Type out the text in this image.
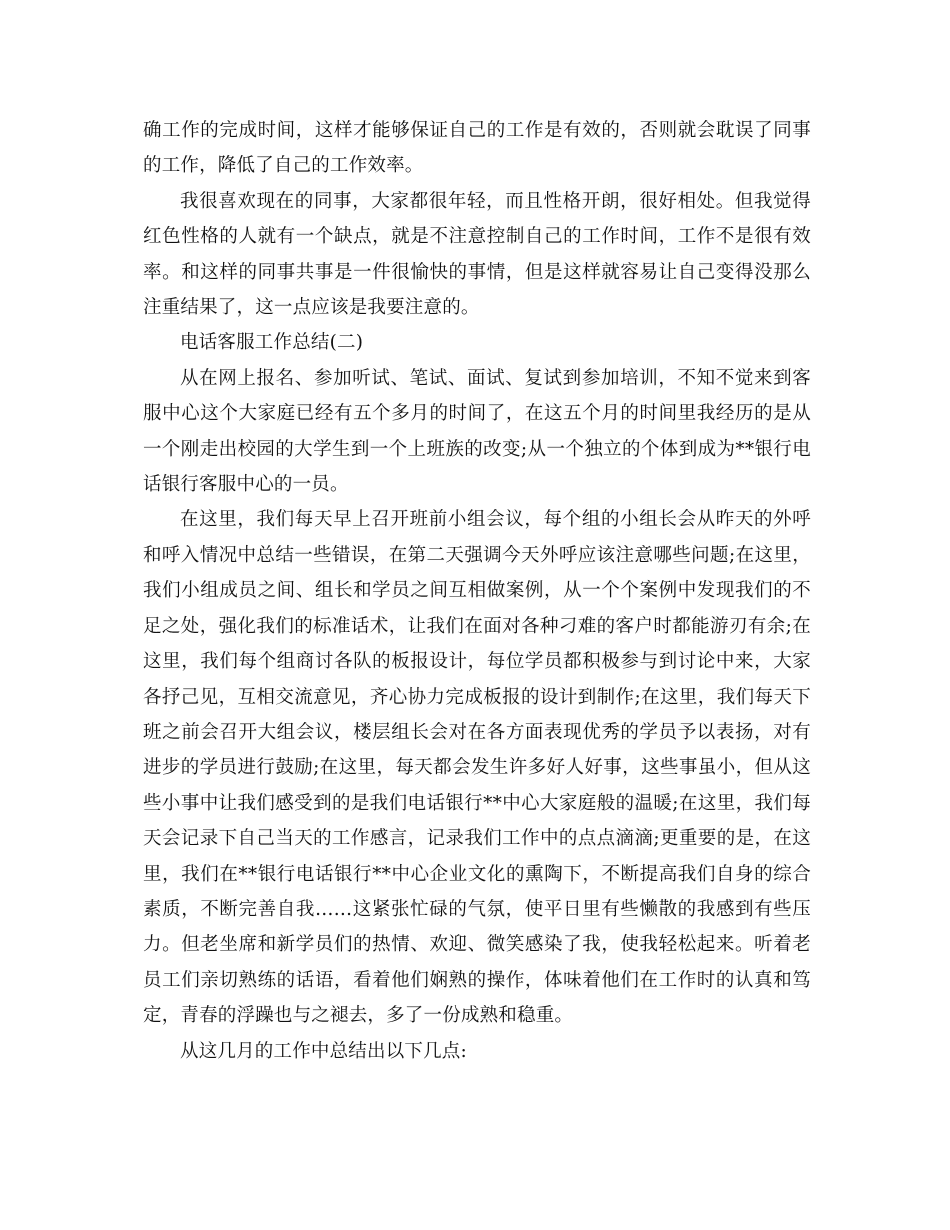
确工作的完成时间，这样才能够保证自己的工作是有效的，否则就会耽误了同事的工作，降低了自己的工作效率。

我很喜欢现在的同事，大家都很年轻，而且性格开朗，很好相处。但我觉得红色性格的人就有一个缺点，就是不注意控制自己的工作时间，工作不是很有效率。和这样的同事共事是一件很愉快的事情，但是这样就容易让自己变得没那么注重结果了，这一点应该是我要注意的。

电话客服工作总结(二)

从在网上报名、参加听试、笔试、面试、复试到参加培训，不知不觉来到客服中心这个大家庭已经有五个多月的时间了，在这五个月的时间里我经历的是从一个刚走出校园的大学生到一个上班族的改变;从一个独立的个体到成为**银行电话银行客服中心的一员。

在这里，我们每天早上召开班前小组会议，每个组的小组长会从昨天的外呼和呼入情况中总结一些错误，在第二天强调今天外呼应该注意哪些问题;在这里，我们小组成员之间、组长和学员之间互相做案例，从一个个案例中发现我们的不足之处，强化我们的标准话术，让我们在面对各种刁难的客户时都能游刃有余;在这里，我们每个组商讨各队的板报设计，每位学员都积极参与到讨论中来，大家各抒己见，互相交流意见，齐心协力完成板报的设计到制作;在这里，我们每天下班之前会召开大组会议，楼层组长会对在各方面表现优秀的学员予以表扬，对有进步的学员进行鼓励;在这里，每天都会发生许多好人好事，这些事虽小，但从这些小事中让我们感受到的是我们电话银行**中心大家庭般的温暖;在这里，我们每天会记录下自己当天的工作感言，记录我们工作中的点点滴滴;更重要的是，在这里，我们在**银行电话银行**中心企业文化的熏陶下，不断提高我们自身的综合素质，不断完善自我……这紧张忙碌的气氛，使平日里有些懒散的我感到有些压力。但老坐席和新学员们的热情、欢迎、微笑感染了我，使我轻松起来。听着老员工们亲切熟练的话语，看着他们娴熟的操作，体味着他们在工作时的认真和笃定，青春的浮躁也与之褪去，多了一份成熟和稳重。

从这几月的工作中总结出以下几点:
